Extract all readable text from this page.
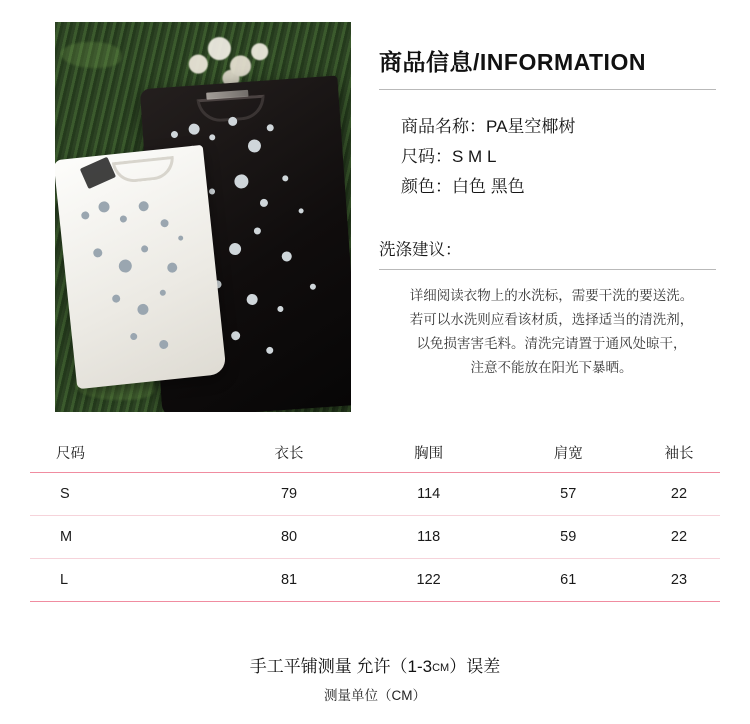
商品信息/INFORMATION
商品名称：PA星空椰树
尺码：S M L
颜色：白色 黑色
洗涤建议：
详细阅读衣物上的水洗标，需要干洗的要送洗。
若可以水洗则应看该材质，选择适当的清洗剂，
以免损害害毛料。清洗完请置于通风处晾干，
注意不能放在阳光下暴晒。
尺码	衣长	胸围	肩宽	袖长
S	79	114	57	22
M	80	118	59	22
L	81	122	61	23
手工平铺测量 允许（1-3CM）误差
测量单位（CM）
